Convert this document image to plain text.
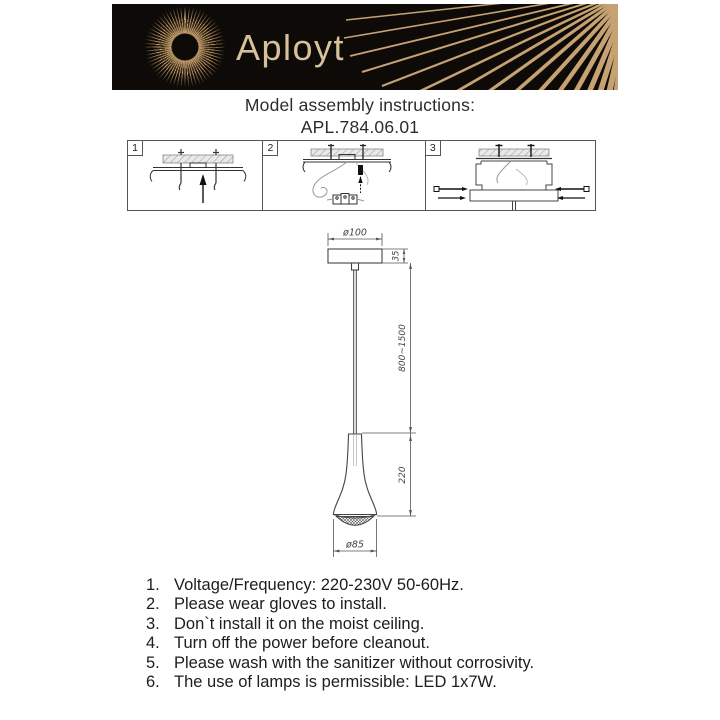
Aployt
Model assembly instructions:
APL.784.06.01
1	2	3
ø100
35
800~1500
220
ø85
1. Voltage/Frequency: 220-230V 50-60Hz.
2. Please wear gloves to install.
3. Don`t install it on the moist ceiling.
4. Turn off the power before cleanout.
5. Please wash with the sanitizer without corrosivity.
6. The use of lamps is permissible: LED 1x7W.
